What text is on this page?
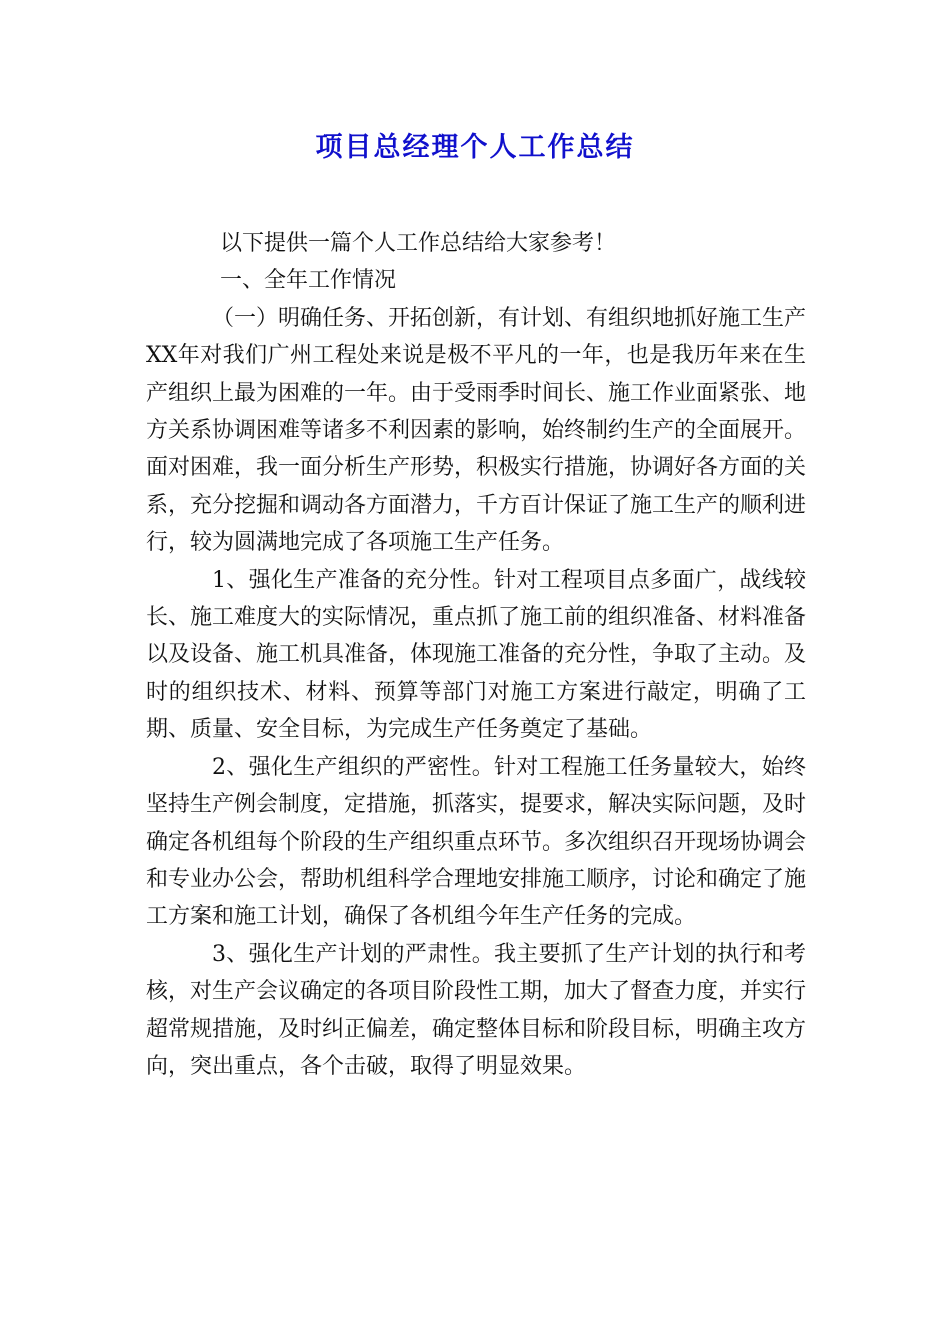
项目总经理个人工作总结

以下提供一篇个人工作总结给大家参考！

一、全年工作情况

（一）明确任务、开拓创新，有计划、有组织地抓好施工生产XX年对我们广州工程处来说是极不平凡的一年，也是我历年来在生产组织上最为困难的一年。由于受雨季时间长、施工作业面紧张、地方关系协调困难等诸多不利因素的影响，始终制约生产的全面展开。面对困难，我一面分析生产形势，积极实行措施，协调好各方面的关系，充分挖掘和调动各方面潜力，千方百计保证了施工生产的顺利进行，较为圆满地完成了各项施工生产任务。

1、强化生产准备的充分性。针对工程项目点多面广，战线较长、施工难度大的实际情况，重点抓了施工前的组织准备、材料准备以及设备、施工机具准备，体现施工准备的充分性，争取了主动。及时的组织技术、材料、预算等部门对施工方案进行敲定，明确了工期、质量、安全目标，为完成生产任务奠定了基础。

2、强化生产组织的严密性。针对工程施工任务量较大，始终坚持生产例会制度，定措施，抓落实，提要求，解决实际问题，及时确定各机组每个阶段的生产组织重点环节。多次组织召开现场协调会和专业办公会，帮助机组科学合理地安排施工顺序，讨论和确定了施工方案和施工计划，确保了各机组今年生产任务的完成。

3、强化生产计划的严肃性。我主要抓了生产计划的执行和考核，对生产会议确定的各项目阶段性工期，加大了督查力度，并实行超常规措施，及时纠正偏差，确定整体目标和阶段目标，明确主攻方向，突出重点，各个击破，取得了明显效果。
